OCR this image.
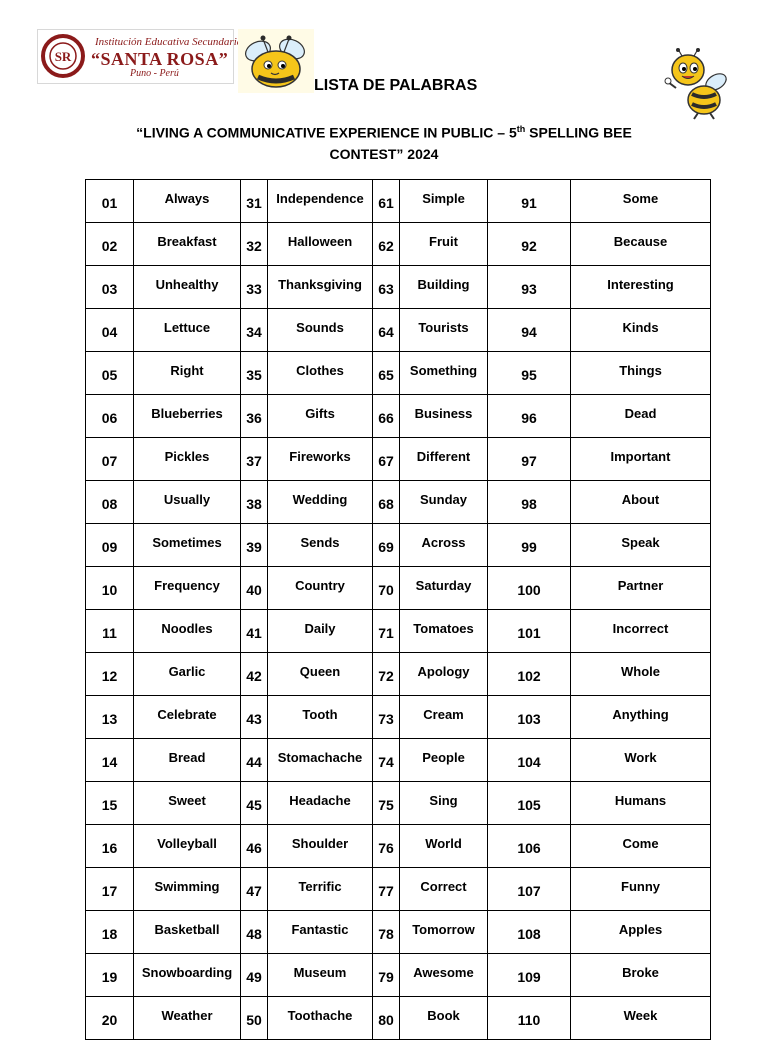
SR
Institución Educativa Secundaria
“SANTA ROSA”
Puno - Perú
LISTA DE PALABRAS
“LIVING A COMMUNICATIVE EXPERIENCE IN PUBLIC – 5th SPELLING BEE CONTEST” 2024
01	Always	31	Independence	61	Simple	91	Some
02	Breakfast	32	Halloween	62	Fruit	92	Because
03	Unhealthy	33	Thanksgiving	63	Building	93	Interesting
04	Lettuce	34	Sounds	64	Tourists	94	Kinds
05	Right	35	Clothes	65	Something	95	Things
06	Blueberries	36	Gifts	66	Business	96	Dead
07	Pickles	37	Fireworks	67	Different	97	Important
08	Usually	38	Wedding	68	Sunday	98	About
09	Sometimes	39	Sends	69	Across	99	Speak
10	Frequency	40	Country	70	Saturday	100	Partner
11	Noodles	41	Daily	71	Tomatoes	101	Incorrect
12	Garlic	42	Queen	72	Apology	102	Whole
13	Celebrate	43	Tooth	73	Cream	103	Anything
14	Bread	44	Stomachache	74	People	104	Work
15	Sweet	45	Headache	75	Sing	105	Humans
16	Volleyball	46	Shoulder	76	World	106	Come
17	Swimming	47	Terrific	77	Correct	107	Funny
18	Basketball	48	Fantastic	78	Tomorrow	108	Apples
19	Snowboarding	49	Museum	79	Awesome	109	Broke
20	Weather	50	Toothache	80	Book	110	Week
